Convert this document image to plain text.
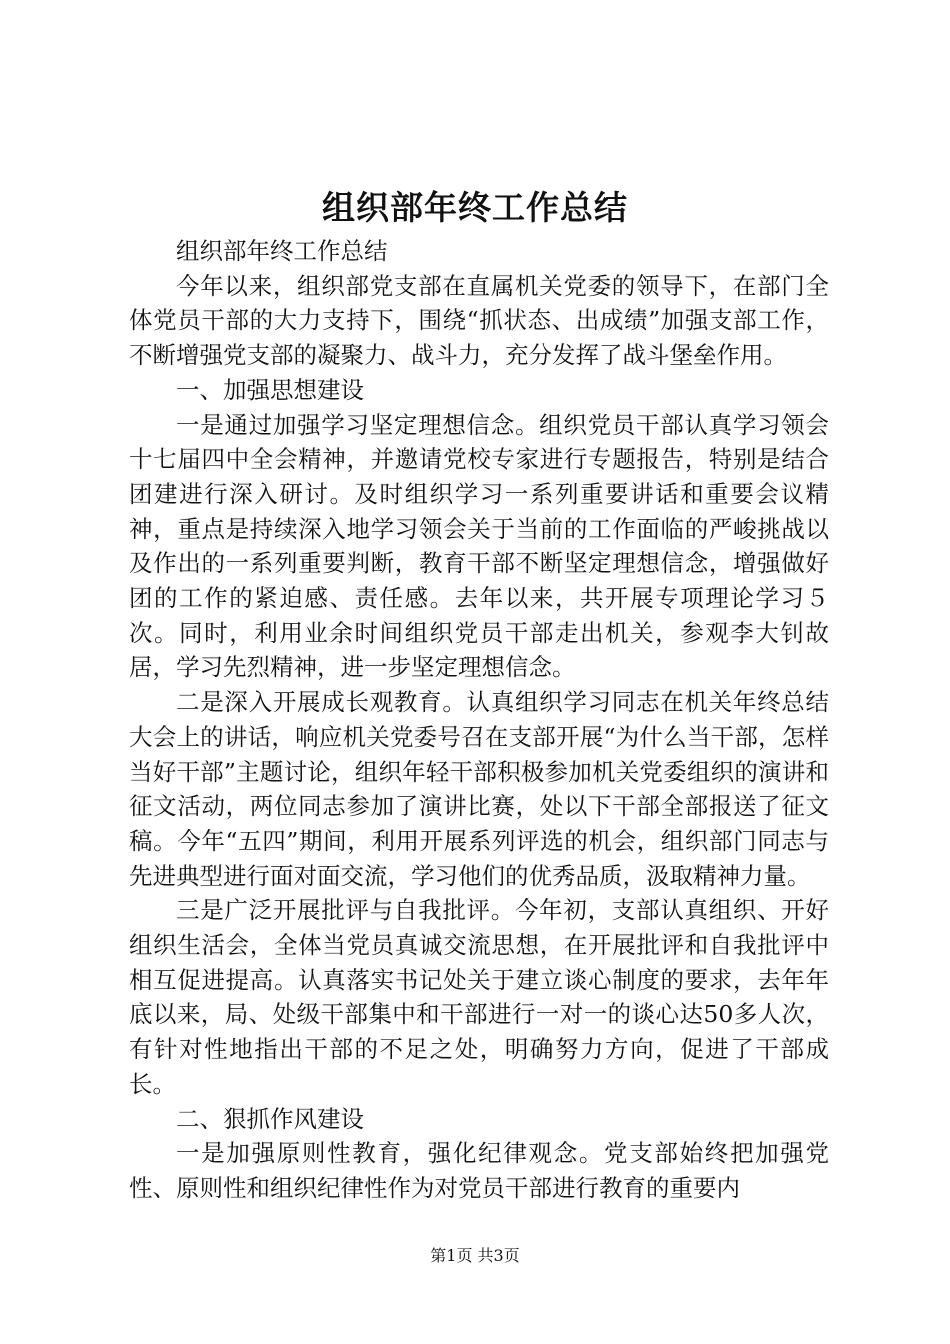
组织部年终工作总结

组织部年终工作总结

今年以来，组织部党支部在直属机关党委的领导下，在部门全体党员干部的大力支持下，围绕“抓状态、出成绩”加强支部工作，不断增强党支部的凝聚力、战斗力，充分发挥了战斗堡垒作用。

一、加强思想建设

一是通过加强学习坚定理想信念。组织党员干部认真学习领会十七届四中全会精神，并邀请党校专家进行专题报告，特别是结合团建进行深入研讨。及时组织学习一系列重要讲话和重要会议精神，重点是持续深入地学习领会关于当前的工作面临的严峻挑战以及作出的一系列重要判断，教育干部不断坚定理想信念，增强做好团的工作的紧迫感、责任感。去年以来，共开展专项理论学习５次。同时，利用业余时间组织党员干部走出机关，参观李大钊故居，学习先烈精神，进一步坚定理想信念。

二是深入开展成长观教育。认真组织学习同志在机关年终总结大会上的讲话，响应机关党委号召在支部开展“为什么当干部，怎样当好干部”主题讨论，组织年轻干部积极参加机关党委组织的演讲和征文活动，两位同志参加了演讲比赛，处以下干部全部报送了征文稿。今年“五四”期间，利用开展系列评选的机会，组织部门同志与先进典型进行面对面交流，学习他们的优秀品质，汲取精神力量。

三是广泛开展批评与自我批评。今年初，支部认真组织、开好组织生活会，全体当党员真诚交流思想，在开展批评和自我批评中相互促进提高。认真落实书记处关于建立谈心制度的要求，去年年底以来，局、处级干部集中和干部进行一对一的谈心达50多人次，有针对性地指出干部的不足之处，明确努力方向，促进了干部成长。

二、狠抓作风建设

一是加强原则性教育，强化纪律观念。党支部始终把加强党性、原则性和组织纪律性作为对党员干部进行教育的重要内

第1页 共3页
